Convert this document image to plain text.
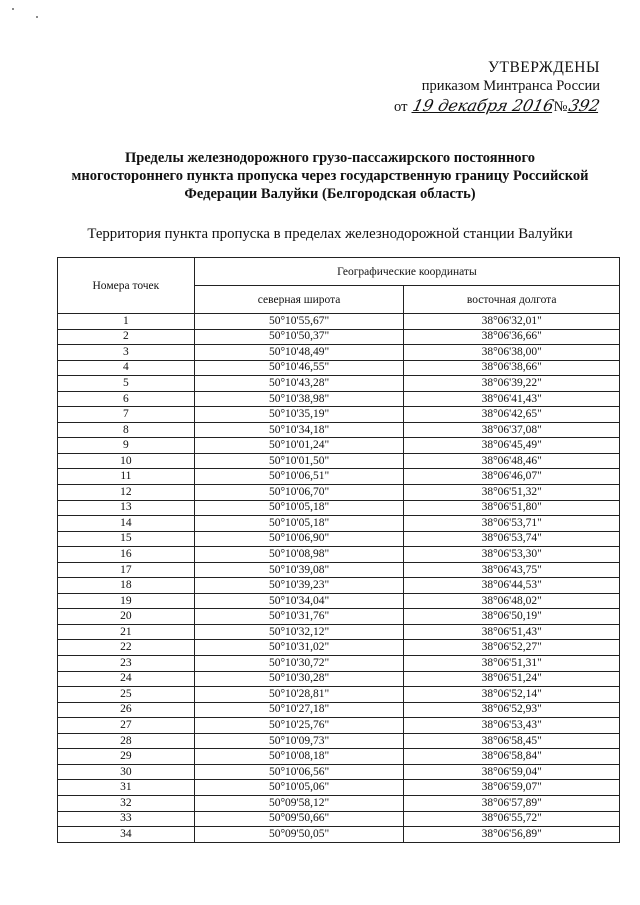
УТВЕРЖДЕНЫ
приказом Минтранса России
от 19 декабря 2016№392
Пределы железнодорожного грузо-пассажирского постоянного
многостороннего пункта пропуска через государственную границу Российской
Федерации Валуйки (Белгородская область)
Территория пункта пропуска в пределах железнодорожной станции Валуйки
Номера точек	Географические координаты	
	северная широта	восточная долгота
1	50°10'55,67"	38°06'32,01"
2	50°10'50,37"	38°06'36,66"
3	50°10'48,49"	38°06'38,00"
4	50°10'46,55"	38°06'38,66"
5	50°10'43,28"	38°06'39,22"
6	50°10'38,98"	38°06'41,43"
7	50°10'35,19"	38°06'42,65"
8	50°10'34,18"	38°06'37,08"
9	50°10'01,24"	38°06'45,49"
10	50°10'01,50"	38°06'48,46"
11	50°10'06,51"	38°06'46,07"
12	50°10'06,70"	38°06'51,32"
13	50°10'05,18"	38°06'51,80"
14	50°10'05,18"	38°06'53,71"
15	50°10'06,90"	38°06'53,74"
16	50°10'08,98"	38°06'53,30"
17	50°10'39,08"	38°06'43,75"
18	50°10'39,23"	38°06'44,53"
19	50°10'34,04"	38°06'48,02"
20	50°10'31,76"	38°06'50,19"
21	50°10'32,12"	38°06'51,43"
22	50°10'31,02"	38°06'52,27"
23	50°10'30,72"	38°06'51,31"
24	50°10'30,28"	38°06'51,24"
25	50°10'28,81"	38°06'52,14"
26	50°10'27,18"	38°06'52,93"
27	50°10'25,76"	38°06'53,43"
28	50°10'09,73"	38°06'58,45"
29	50°10'08,18"	38°06'58,84"
30	50°10'06,56"	38°06'59,04"
31	50°10'05,06"	38°06'59,07"
32	50°09'58,12"	38°06'57,89"
33	50°09'50,66"	38°06'55,72"
34	50°09'50,05"	38°06'56,89"
